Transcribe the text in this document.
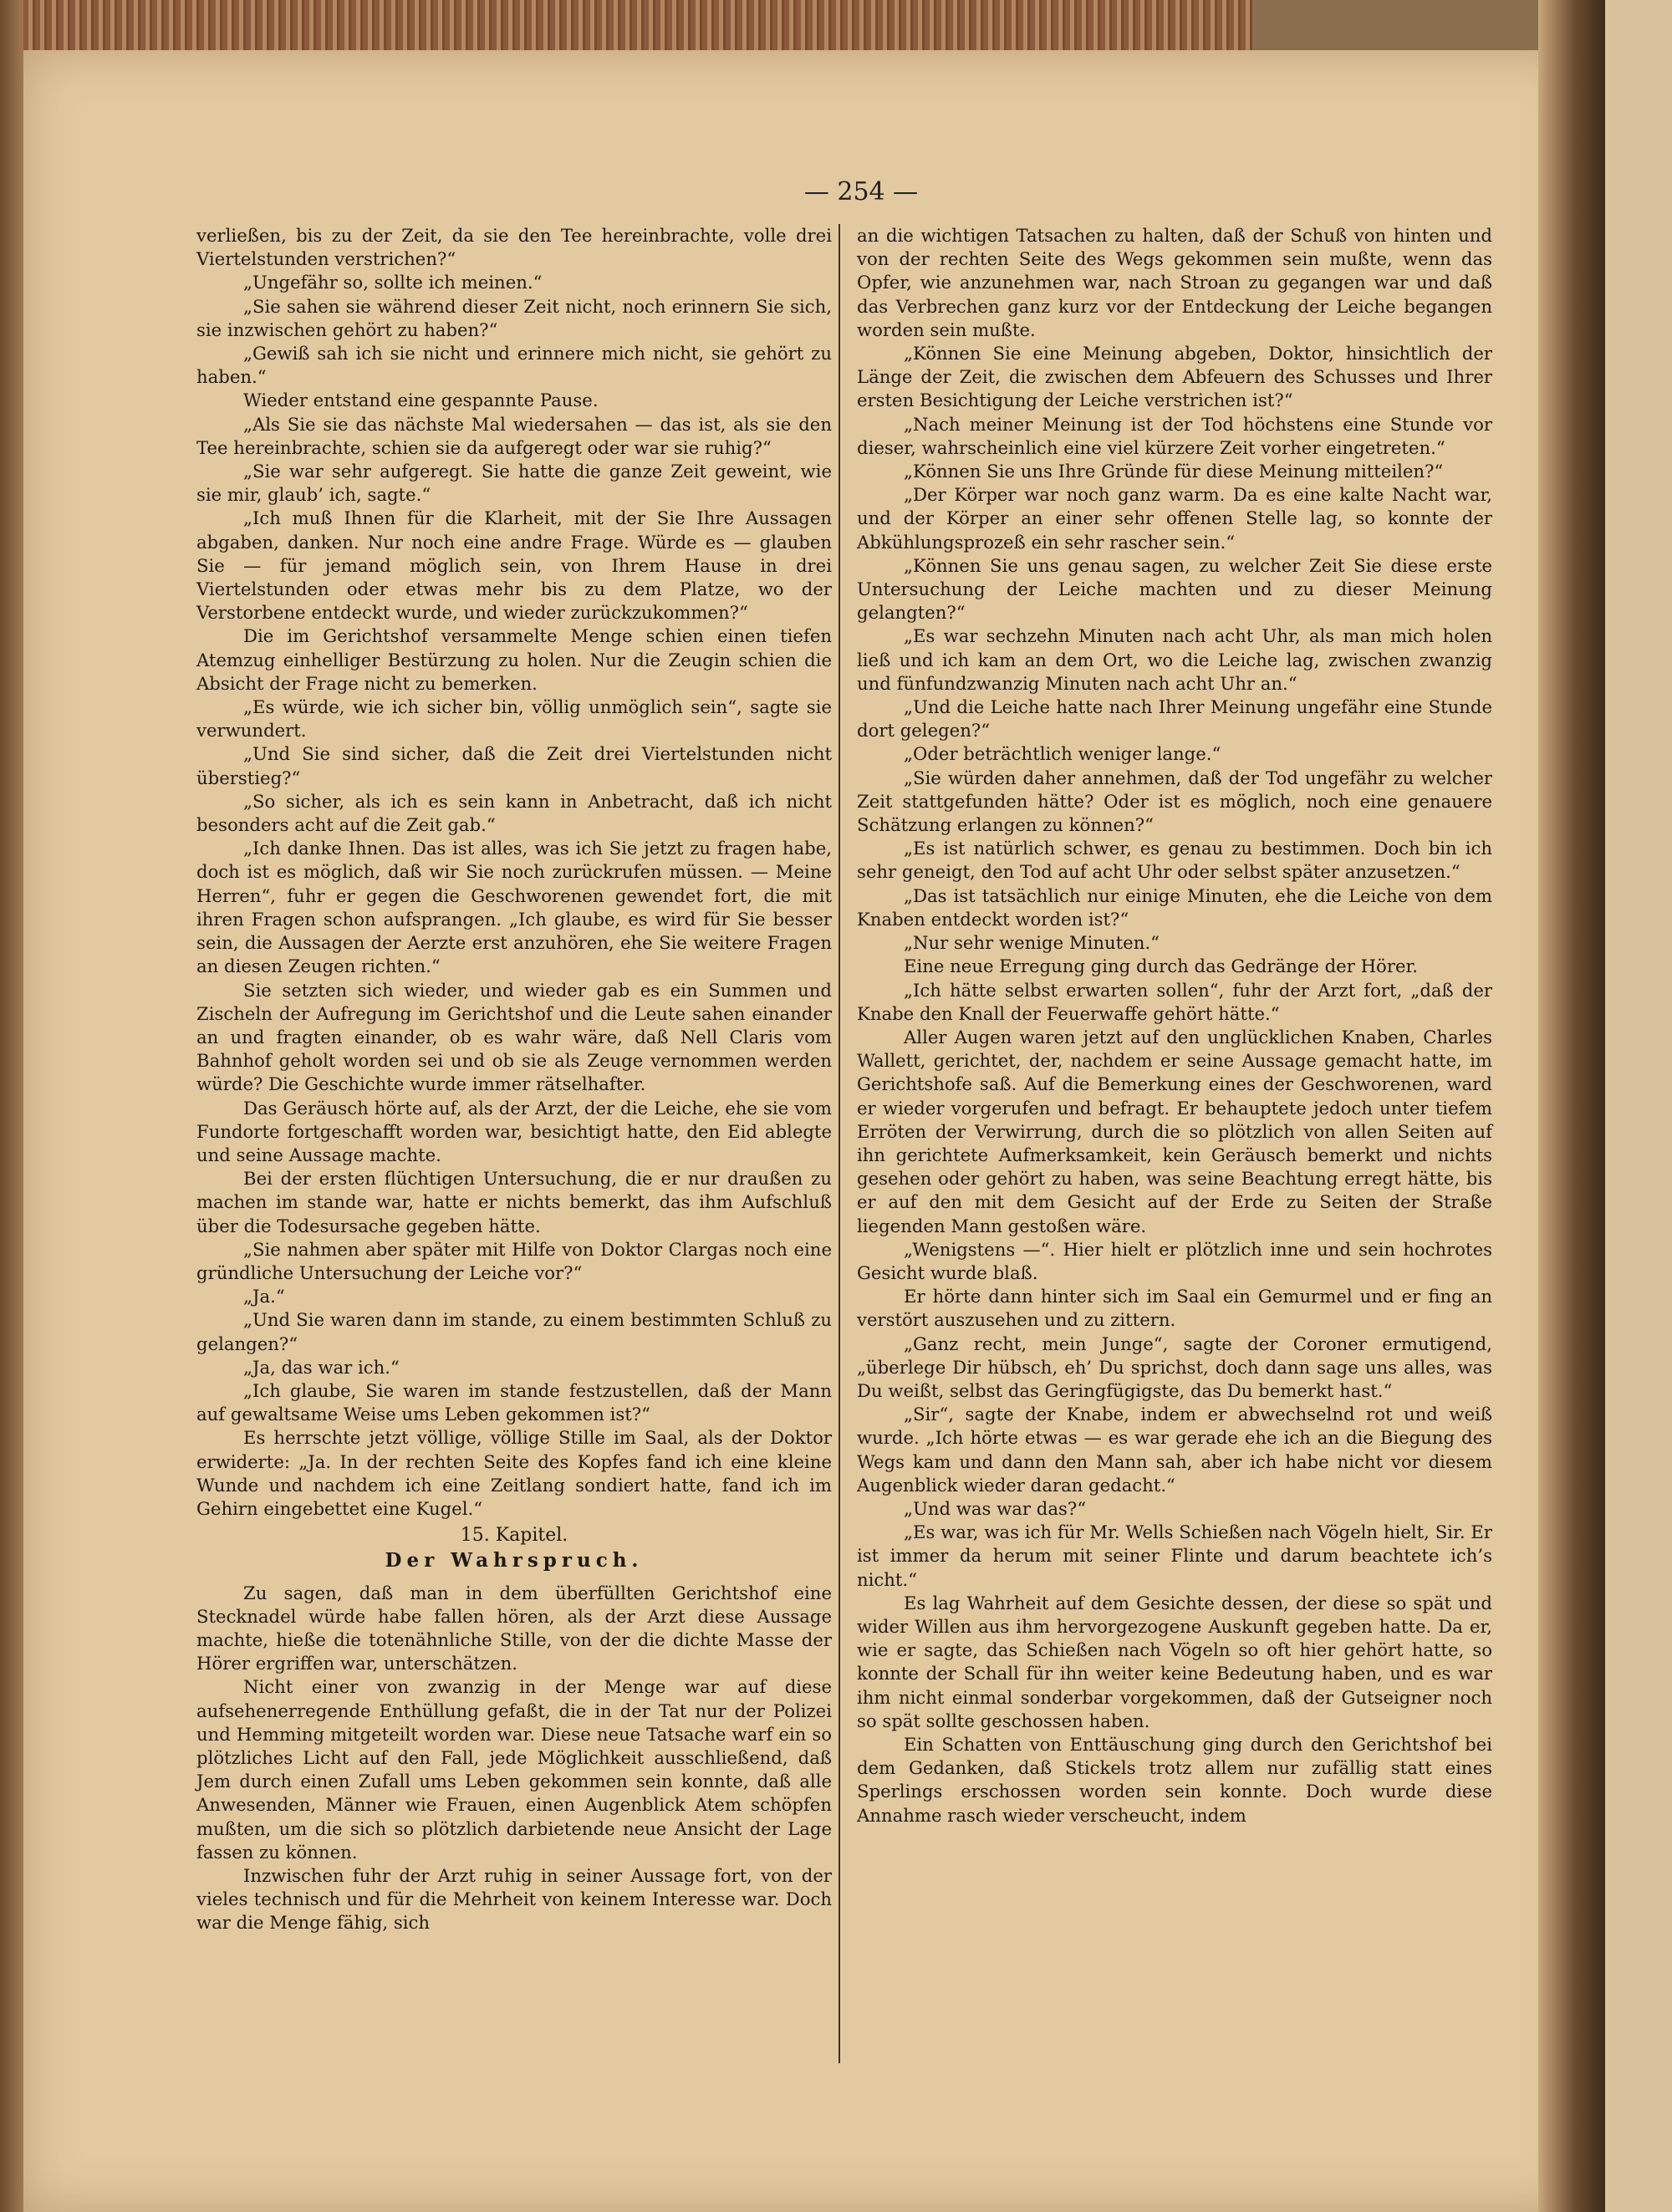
— 254 —

verließen, bis zu der Zeit, da sie den Tee hereinbrachte, volle drei Viertelstunden verstrichen?“

„Ungefähr so, sollte ich meinen.“

„Sie sahen sie während dieser Zeit nicht, noch erinnern Sie sich, sie inzwischen gehört zu haben?“

„Gewiß sah ich sie nicht und erinnere mich nicht, sie gehört zu haben.“

Wieder entstand eine gespannte Pause.

„Als Sie sie das nächste Mal wiedersahen — das ist, als sie den Tee hereinbrachte, schien sie da aufgeregt oder war sie ruhig?“

„Sie war sehr aufgeregt. Sie hatte die ganze Zeit geweint, wie sie mir, glaub’ ich, sagte.“

„Ich muß Ihnen für die Klarheit, mit der Sie Ihre Aussagen abgaben, danken. Nur noch eine andre Frage. Würde es — glauben Sie — für jemand möglich sein, von Ihrem Hause in drei Viertelstunden oder etwas mehr bis zu dem Platze, wo der Verstorbene entdeckt wurde, und wieder zurückzukommen?“

Die im Gerichtshof versammelte Menge schien einen tiefen Atemzug einhelliger Bestürzung zu holen. Nur die Zeugin schien die Absicht der Frage nicht zu bemerken.

„Es würde, wie ich sicher bin, völlig unmöglich sein“, sagte sie verwundert.

„Und Sie sind sicher, daß die Zeit drei Viertelstunden nicht überstieg?“

„So sicher, als ich es sein kann in Anbetracht, daß ich nicht besonders acht auf die Zeit gab.“

„Ich danke Ihnen. Das ist alles, was ich Sie jetzt zu fragen habe, doch ist es möglich, daß wir Sie noch zurückrufen müssen. — Meine Herren“, fuhr er gegen die Geschworenen gewendet fort, die mit ihren Fragen schon aufsprangen. „Ich glaube, es wird für Sie besser sein, die Aussagen der Aerzte erst anzuhören, ehe Sie weitere Fragen an diesen Zeugen richten.“

Sie setzten sich wieder, und wieder gab es ein Summen und Zischeln der Aufregung im Gerichtshof und die Leute sahen einander an und fragten einander, ob es wahr wäre, daß Nell Claris vom Bahnhof geholt worden sei und ob sie als Zeuge vernommen werden würde? Die Geschichte wurde immer rätselhafter.

Das Geräusch hörte auf, als der Arzt, der die Leiche, ehe sie vom Fundorte fortgeschafft worden war, besichtigt hatte, den Eid ablegte und seine Aussage machte.

Bei der ersten flüchtigen Untersuchung, die er nur draußen zu machen im stande war, hatte er nichts bemerkt, das ihm Aufschluß über die Todesursache gegeben hätte.

„Sie nahmen aber später mit Hilfe von Doktor Clargas noch eine gründliche Untersuchung der Leiche vor?“

„Ja.“

„Und Sie waren dann im stande, zu einem bestimmten Schluß zu gelangen?“

„Ja, das war ich.“

„Ich glaube, Sie waren im stande festzustellen, daß der Mann auf gewaltsame Weise ums Leben gekommen ist?“

Es herrschte jetzt völlige, völlige Stille im Saal, als der Doktor erwiderte: „Ja. In der rechten Seite des Kopfes fand ich eine kleine Wunde und nachdem ich eine Zeitlang sondiert hatte, fand ich im Gehirn eingebettet eine Kugel.“

15. Kapitel.
Der Wahrspruch.

Zu sagen, daß man in dem überfüllten Gerichtshof eine Stecknadel würde habe fallen hören, als der Arzt diese Aussage machte, hieße die totenähnliche Stille, von der die dichte Masse der Hörer ergriffen war, unterschätzen.

Nicht einer von zwanzig in der Menge war auf diese aufsehenerregende Enthüllung gefaßt, die in der Tat nur der Polizei und Hemming mitgeteilt worden war. Diese neue Tatsache warf ein so plötzliches Licht auf den Fall, jede Möglichkeit ausschließend, daß Jem durch einen Zufall ums Leben gekommen sein konnte, daß alle Anwesenden, Männer wie Frauen, einen Augenblick Atem schöpfen mußten, um die sich so plötzlich darbietende neue Ansicht der Lage fassen zu können.

Inzwischen fuhr der Arzt ruhig in seiner Aussage fort, von der vieles technisch und für die Mehrheit von keinem Interesse war. Doch war die Menge fähig, sich

an die wichtigen Tatsachen zu halten, daß der Schuß von hinten und von der rechten Seite des Wegs gekommen sein mußte, wenn das Opfer, wie anzunehmen war, nach Stroan zu gegangen war und daß das Verbrechen ganz kurz vor der Entdeckung der Leiche begangen worden sein mußte.

„Können Sie eine Meinung abgeben, Doktor, hinsichtlich der Länge der Zeit, die zwischen dem Abfeuern des Schusses und Ihrer ersten Besichtigung der Leiche verstrichen ist?“

„Nach meiner Meinung ist der Tod höchstens eine Stunde vor dieser, wahrscheinlich eine viel kürzere Zeit vorher eingetreten.“

„Können Sie uns Ihre Gründe für diese Meinung mitteilen?“

„Der Körper war noch ganz warm. Da es eine kalte Nacht war, und der Körper an einer sehr offenen Stelle lag, so konnte der Abkühlungsprozeß ein sehr rascher sein.“

„Können Sie uns genau sagen, zu welcher Zeit Sie diese erste Untersuchung der Leiche machten und zu dieser Meinung gelangten?“

„Es war sechzehn Minuten nach acht Uhr, als man mich holen ließ und ich kam an dem Ort, wo die Leiche lag, zwischen zwanzig und fünfundzwanzig Minuten nach acht Uhr an.“

„Und die Leiche hatte nach Ihrer Meinung ungefähr eine Stunde dort gelegen?“

„Oder beträchtlich weniger lange.“

„Sie würden daher annehmen, daß der Tod ungefähr zu welcher Zeit stattgefunden hätte? Oder ist es möglich, noch eine genauere Schätzung erlangen zu können?“

„Es ist natürlich schwer, es genau zu bestimmen. Doch bin ich sehr geneigt, den Tod auf acht Uhr oder selbst später anzusetzen.“

„Das ist tatsächlich nur einige Minuten, ehe die Leiche von dem Knaben entdeckt worden ist?“

„Nur sehr wenige Minuten.“

Eine neue Erregung ging durch das Gedränge der Hörer.

„Ich hätte selbst erwarten sollen“, fuhr der Arzt fort, „daß der Knabe den Knall der Feuerwaffe gehört hätte.“

Aller Augen waren jetzt auf den unglücklichen Knaben, Charles Wallett, gerichtet, der, nachdem er seine Aussage gemacht hatte, im Gerichtshofe saß. Auf die Bemerkung eines der Geschworenen, ward er wieder vorgerufen und befragt. Er behauptete jedoch unter tiefem Erröten der Verwirrung, durch die so plötzlich von allen Seiten auf ihn gerichtete Aufmerksamkeit, kein Geräusch bemerkt und nichts gesehen oder gehört zu haben, was seine Beachtung erregt hätte, bis er auf den mit dem Gesicht auf der Erde zu Seiten der Straße liegenden Mann gestoßen wäre.

„Wenigstens —“. Hier hielt er plötzlich inne und sein hochrotes Gesicht wurde blaß.

Er hörte dann hinter sich im Saal ein Gemurmel und er fing an verstört auszusehen und zu zittern.

„Ganz recht, mein Junge“, sagte der Coroner ermutigend, „überlege Dir hübsch, eh’ Du sprichst, doch dann sage uns alles, was Du weißt, selbst das Geringfügigste, das Du bemerkt hast.“

„Sir“, sagte der Knabe, indem er abwechselnd rot und weiß wurde. „Ich hörte etwas — es war gerade ehe ich an die Biegung des Wegs kam und dann den Mann sah, aber ich habe nicht vor diesem Augenblick wieder daran gedacht.“

„Und was war das?“

„Es war, was ich für Mr. Wells Schießen nach Vögeln hielt, Sir. Er ist immer da herum mit seiner Flinte und darum beachtete ich’s nicht.“

Es lag Wahrheit auf dem Gesichte dessen, der diese so spät und wider Willen aus ihm hervorgezogene Auskunft gegeben hatte. Da er, wie er sagte, das Schießen nach Vögeln so oft hier gehört hatte, so konnte der Schall für ihn weiter keine Bedeutung haben, und es war ihm nicht einmal sonderbar vorgekommen, daß der Gutseigner noch so spät sollte geschossen haben.

Ein Schatten von Enttäuschung ging durch den Gerichtshof bei dem Gedanken, daß Stickels trotz allem nur zufällig statt eines Sperlings erschossen worden sein konnte. Doch wurde diese Annahme rasch wieder verscheucht, indem
